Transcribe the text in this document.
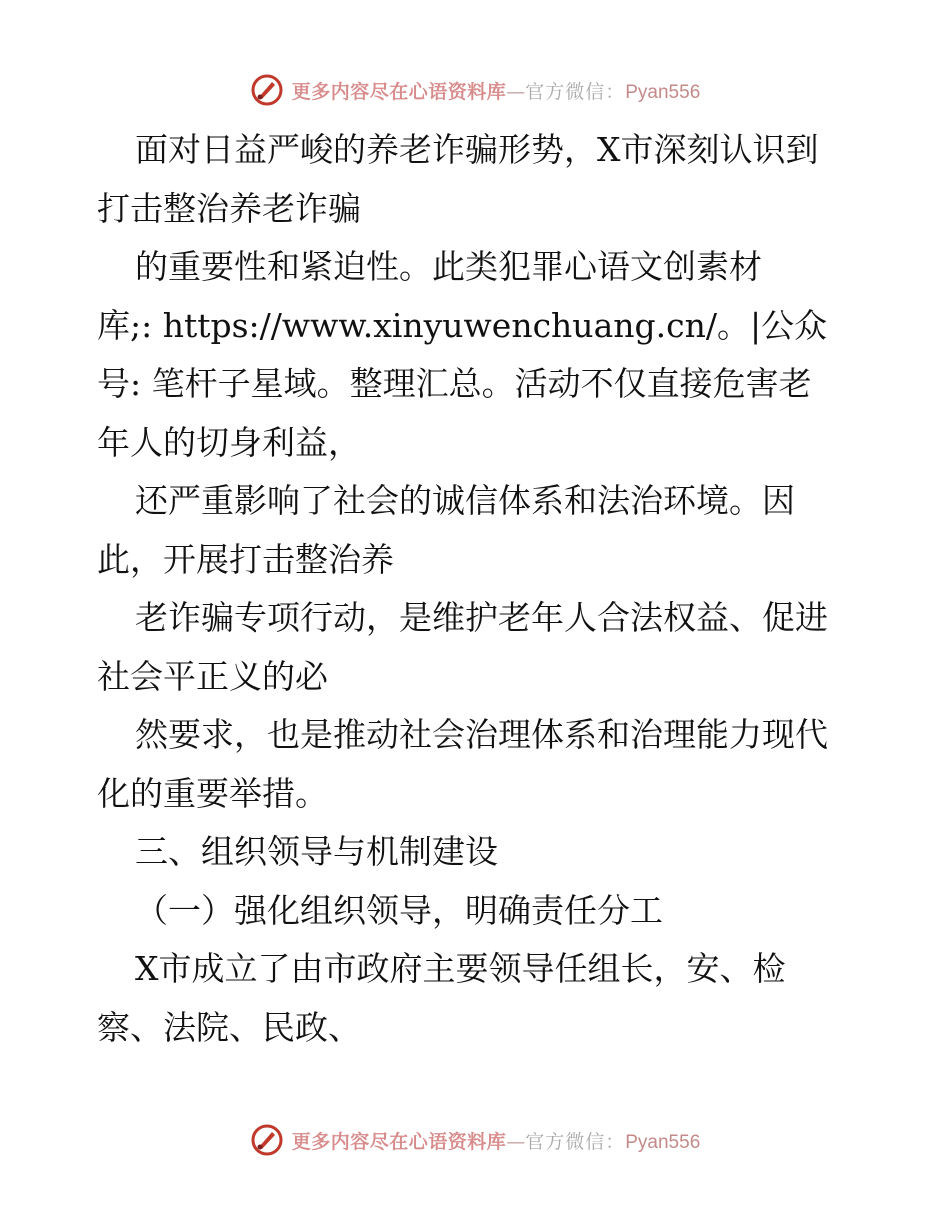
更多内容尽在心语资料库—官方微信：Pyan556
面对日益严峻的养老诈骗形势，X市深刻认识到
打击整治养老诈骗
的重要性和紧迫性。此类犯罪心语文创素材
库;: https://www.xinyuwenchuang.cn/。|公众
号: 笔杆子星域。整理汇总。活动不仅直接危害老
年人的切身利益，
还严重影响了社会的诚信体系和法治环境。因
此，开展打击整治养
老诈骗专项行动，是维护老年人合法权益、促进
社会平正义的必
然要求，也是推动社会治理体系和治理能力现代
化的重要举措。
三、组织领导与机制建设
（一）强化组织领导，明确责任分工
X市成立了由市政府主要领导任组长，安、检
察、法院、民政、
更多内容尽在心语资料库—官方微信：Pyan556
